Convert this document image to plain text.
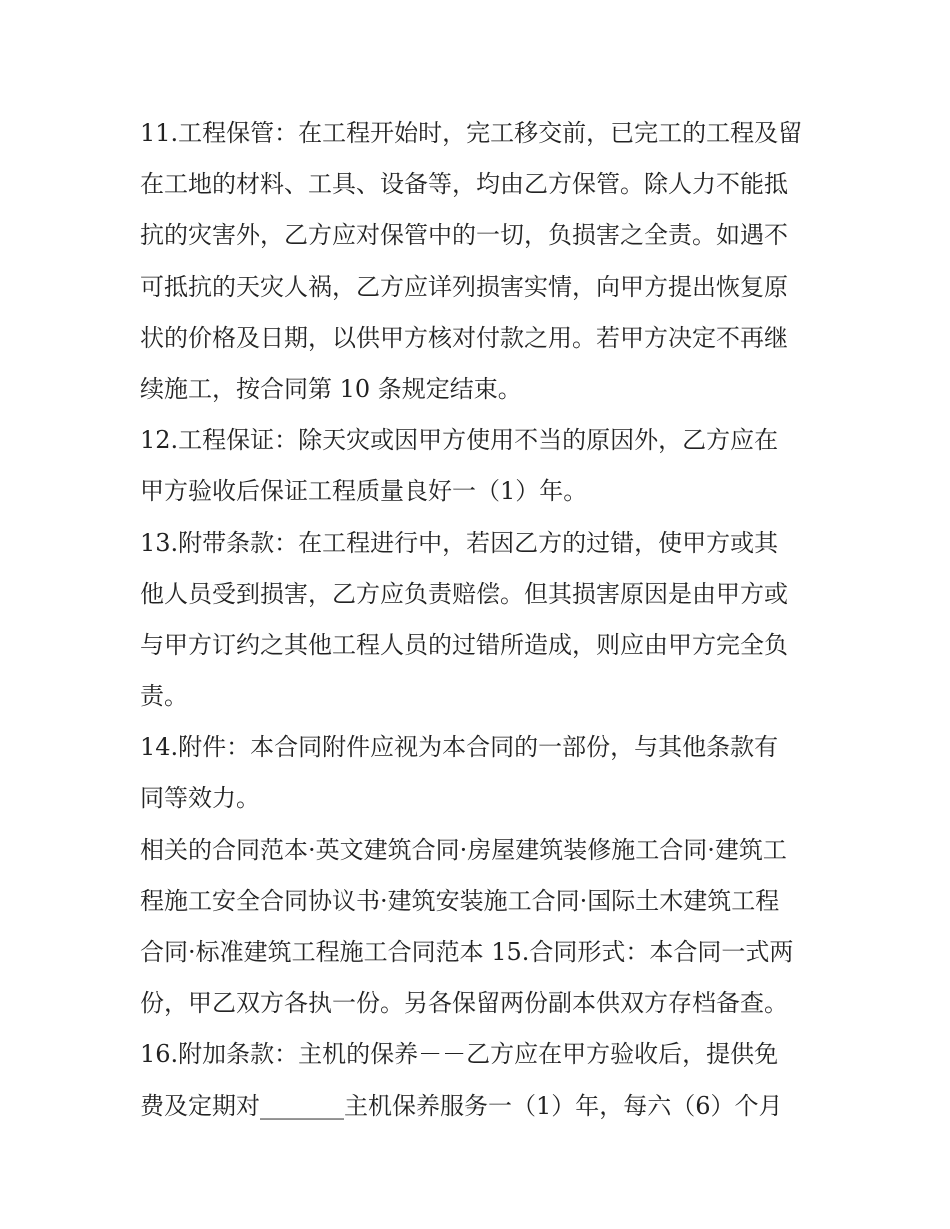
11.工程保管：在工程开始时，完工移交前，已完工的工程及留
在工地的材料、工具、设备等，均由乙方保管。除人力不能抵
抗的灾害外，乙方应对保管中的一切，负损害之全责。如遇不
可抵抗的天灾人祸，乙方应详列损害实情，向甲方提出恢复原
状的价格及日期，以供甲方核对付款之用。若甲方决定不再继
续施工，按合同第 10 条规定结束。
12.工程保证：除天灾或因甲方使用不当的原因外，乙方应在
甲方验收后保证工程质量良好一（1）年。
13.附带条款：在工程进行中，若因乙方的过错，使甲方或其
他人员受到损害，乙方应负责赔偿。但其损害原因是由甲方或
与甲方订约之其他工程人员的过错所造成，则应由甲方完全负
责。
14.附件：本合同附件应视为本合同的一部份，与其他条款有
同等效力。
相关的合同范本·英文建筑合同·房屋建筑装修施工合同·建筑工
程施工安全合同协议书·建筑安装施工合同·国际土木建筑工程
合同·标准建筑工程施工合同范本 15.合同形式：本合同一式两
份，甲乙双方各执一份。另各保留两份副本供双方存档备查。
16.附加条款：主机的保养－－乙方应在甲方验收后，提供免
费及定期对_______主机保养服务一（1）年，每六（6）个月
